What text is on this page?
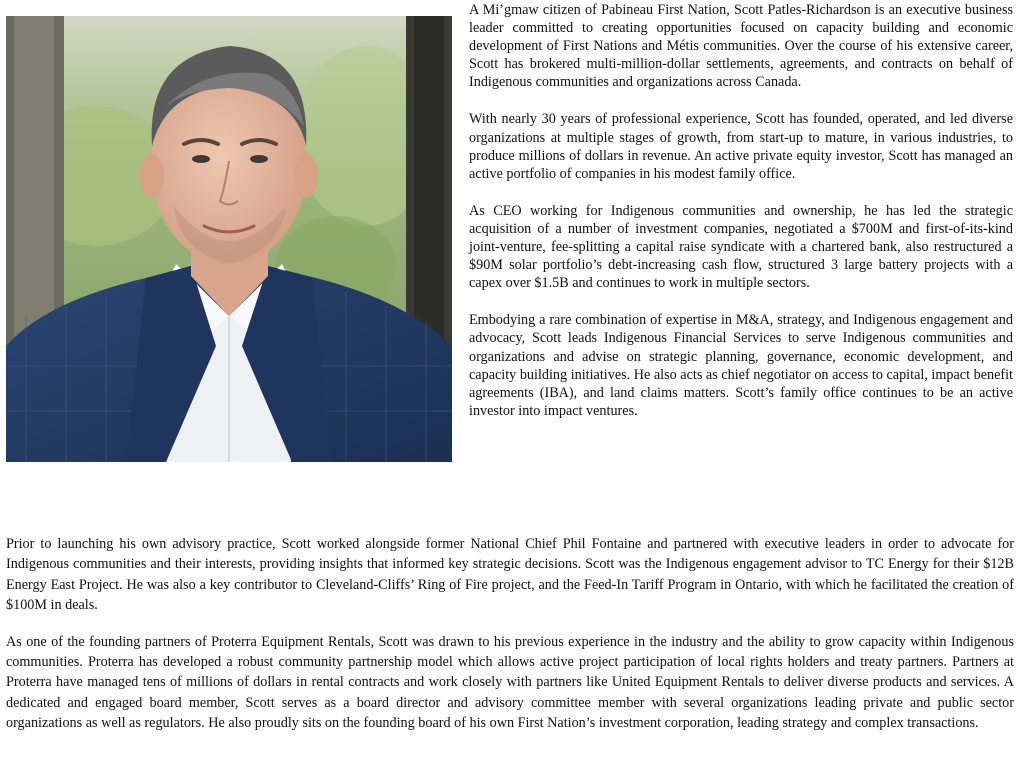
A Mi’gmaw citizen of Pabineau First Nation, Scott Patles-Richardson is an executive business leader committed to creating opportunities focused on capacity building and economic development of First Nations and Métis communities. Over the course of his extensive career, Scott has brokered multi-million-dollar settlements, agreements, and contracts on behalf of Indigenous communities and organizations across Canada.

With nearly 30 years of professional experience, Scott has founded, operated, and led diverse organizations at multiple stages of growth, from start-up to mature, in various industries, to produce millions of dollars in revenue. An active private equity investor, Scott has managed an active portfolio of companies in his modest family office.

As CEO working for Indigenous communities and ownership, he has led the strategic acquisition of a number of investment companies, negotiated a $700M and first-of-its-kind joint-venture, fee-splitting a capital raise syndicate with a chartered bank, also restructured a $90M solar portfolio’s debt-increasing cash flow, structured 3 large battery projects with a capex over $1.5B and continues to work in multiple sectors.

Embodying a rare combination of expertise in M&A, strategy, and Indigenous engagement and advocacy, Scott leads Indigenous Financial Services to serve Indigenous communities and organizations and advise on strategic planning, governance, economic development, and capacity building initiatives. He also acts as chief negotiator on access to capital, impact benefit agreements (IBA), and land claims matters. Scott’s family office continues to be an active investor into impact ventures.

Prior to launching his own advisory practice, Scott worked alongside former National Chief Phil Fontaine and partnered with executive leaders in order to advocate for Indigenous communities and their interests, providing insights that informed key strategic decisions. Scott was the Indigenous engagement advisor to TC Energy for their $12B Energy East Project. He was also a key contributor to Cleveland-Cliffs’ Ring of Fire project, and the Feed-In Tariff Program in Ontario, with which he facilitated the creation of $100M in deals.

As one of the founding partners of Proterra Equipment Rentals, Scott was drawn to his previous experience in the industry and the ability to grow capacity within Indigenous communities. Proterra has developed a robust community partnership model which allows active project participation of local rights holders and treaty partners. Partners at Proterra have managed tens of millions of dollars in rental contracts and work closely with partners like United Equipment Rentals to deliver diverse products and services. A dedicated and engaged board member, Scott serves as a board director and advisory committee member with several organizations leading private and public sector organizations as well as regulators. He also proudly sits on the founding board of his own First Nation’s investment corporation, leading strategy and complex transactions.
